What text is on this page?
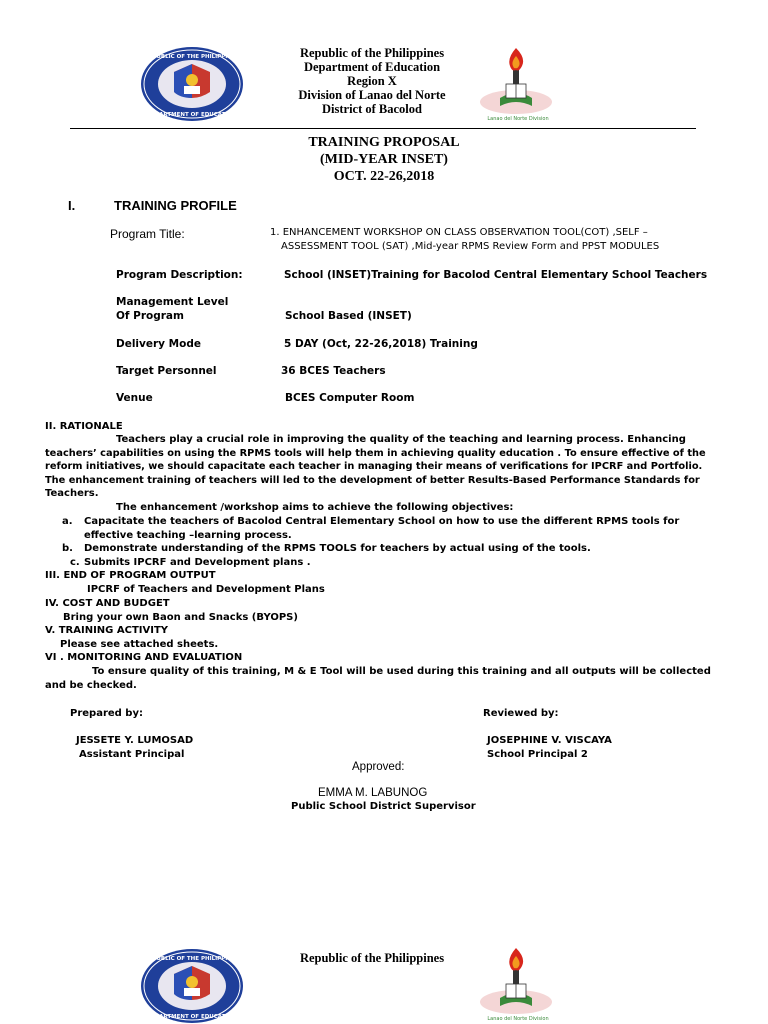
REPUBLIC OF THE PHILIPPINES
DEPARTMENT OF EDUCATION
Republic of the Philippines
Department of Education
Region X
Division of Lanao del Norte
District of Bacolod
Lanao del Norte Division
TRAINING PROPOSAL
(MID-YEAR INSET)
OCT. 22-26,2018
I.	TRAINING PROFILE
Program Title:	1. ENHANCEMENT WORKSHOP ON CLASS OBSERVATION TOOL(COT) ,SELF –
ASSESSMENT TOOL (SAT) ,Mid-year RPMS Review Form and PPST MODULES
Program Description:	School (INSET)Training for Bacolod Central Elementary School Teachers
Management Level
Of Program	School Based (INSET)
Delivery Mode	5 DAY (Oct, 22-26,2018) Training
Target Personnel	36 BCES Teachers
Venue	BCES Computer Room
II. RATIONALE
Teachers play a crucial role in improving the quality of the teaching and learning process. Enhancing
teachers’ capabilities on using the RPMS tools will help them in achieving quality education . To ensure effective of the
reform initiatives, we should capacitate each teacher in managing their means of verifications for IPCRF and Portfolio.
The enhancement training of teachers will led to the development of better Results-Based Performance Standards for
Teachers.
The enhancement /workshop aims to achieve the following objectives:
a. Capacitate the teachers of Bacolod Central Elementary School on how to use the different RPMS tools for
effective teaching –learning process.
b. Demonstrate understanding of the RPMS TOOLS for teachers by actual using of the tools.
c. Submits IPCRF and Development plans .
III. END OF PROGRAM OUTPUT
IPCRF of Teachers and Development Plans
IV. COST AND BUDGET
Bring your own Baon and Snacks (BYOPS)
V. TRAINING ACTIVITY
Please see attached sheets.
VI . MONITORING AND EVALUATION
To ensure quality of this training, M & E Tool will be used during this training and all outputs will be collected
and be checked.
Prepared by:
JESSETE Y. LUMOSAD
Assistant Principal
Reviewed by:
JOSEPHINE V. VISCAYA
School Principal 2
Approved:
EMMA M. LABUNOG
Public School District Supervisor
REPUBLIC OF THE PHILIPPINES
DEPARTMENT OF EDUCATION
Republic of the Philippines
Lanao del Norte Division
